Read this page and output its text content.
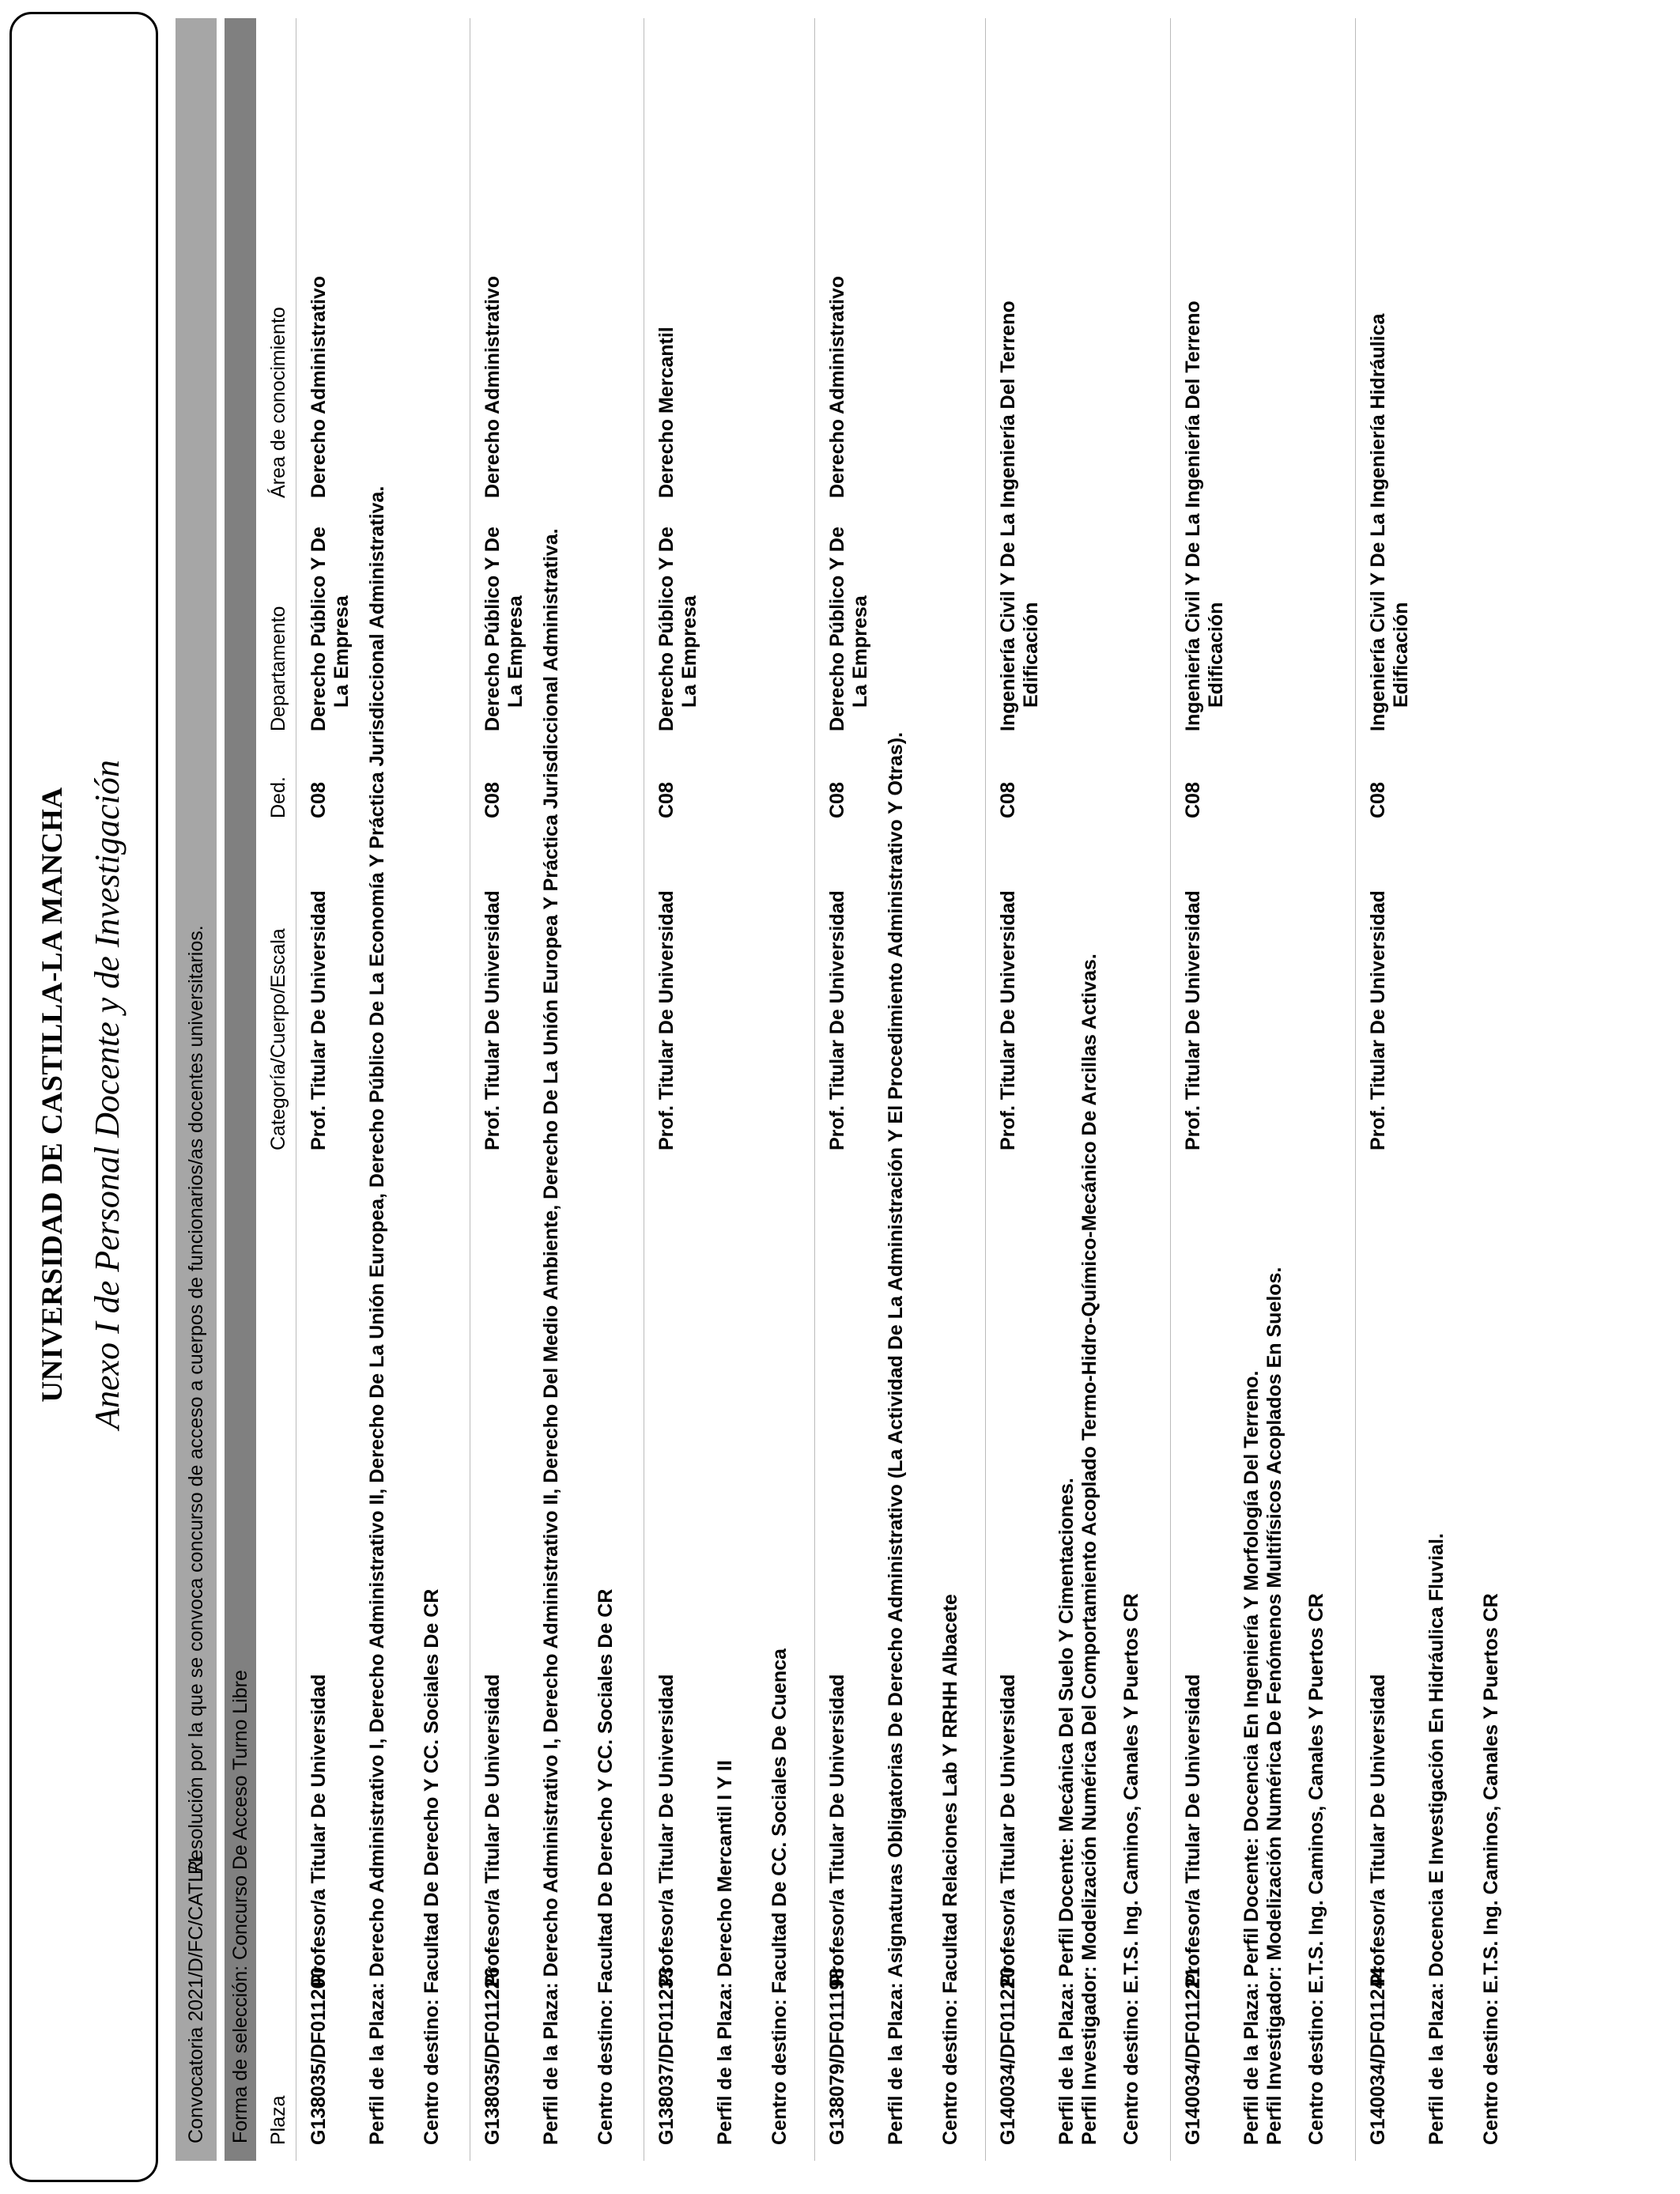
UNIVERSIDAD DE CASTILLA-LA MANCHA Anexo I de Personal Docente y de Investigación
Convocatoria 2021/D/FC/CATL/1
Resolución por la que se convoca concurso de acceso a cuerpos de funcionarios/as docentes universitarios.
Forma de selección: Concurso De Acceso Turno Libre Plaza
Categoría/Cuerpo/Escala
Ded.
Departamento
Área de conocimiento
G138035/DF011200
Profesor/a Titular De Universidad
Prof. Titular De Universidad
C08
Derecho Público Y De La Empresa
Derecho Administrativo
Perfil de la Plaza: Derecho Administrativo I, Derecho Administrativo II, Derecho De La Unión Europea, Derecho Público De La Economía Y Práctica Jurisdiccional Administrativa. Centro destino: Facultad De Derecho Y CC. Sociales De CR G138035/DF011226
Profesor/a Titular De Universidad
Prof. Titular De Universidad
C08
Derecho Público Y De La Empresa
Derecho Administrativo
Perfil de la Plaza: Derecho Administrativo I, Derecho Administrativo II, Derecho Del Medio Ambiente, Derecho De La Unión Europea Y Práctica Jurisdiccional Administrativa. Centro destino: Facultad De Derecho Y CC. Sociales De CR G138037/DF011233
Profesor/a Titular De Universidad
Prof. Titular De Universidad
C08
Derecho Público Y De La Empresa
Derecho Mercantil
Perfil de la Plaza: Derecho Mercantil I Y II Centro destino: Facultad De CC. Sociales De Cuenca G138079/DF011198
Profesor/a Titular De Universidad
Prof. Titular De Universidad
C08
Derecho Público Y De La Empresa
Derecho Administrativo
Perfil de la Plaza: Asignaturas Obligatorias De Derecho Administrativo (La Actividad De La Administración Y El Procedimiento Administrativo Y Otras). Centro destino: Facultad Relaciones Lab Y RRHH Albacete G140034/DF011220
Profesor/a Titular De Universidad
Prof. Titular De Universidad
C08
Ingeniería Civil Y De La Ingeniería Del Terreno Edificación
Perfil de la Plaza: Perfil Docente: Mecánica Del Suelo Y Cimentaciones. Perfil Investigador: Modelización Numérica Del Comportamiento Acoplado Termo-Hidro-Químico-Mecánico De Arcillas Activas. Centro destino: E.T.S. Ing. Caminos, Canales Y Puertos CR G140034/DF011221
Profesor/a Titular De Universidad
Prof. Titular De Universidad
C08
Ingeniería Civil Y De La Ingeniería Del Terreno Edificación
Perfil de la Plaza: Perfil Docente: Docencia En Ingeniería Y Morfología Del Terreno. Perfil Investigador: Modelización Numérica De Fenómenos Multifísicos Acoplados En Suelos. Centro destino: E.T.S. Ing. Caminos, Canales Y Puertos CR G140034/DF011244
Profesor/a Titular De Universidad
Prof. Titular De Universidad
C08
Ingeniería Civil Y De La Ingeniería Hidráulica Edificación
Perfil de la Plaza: Docencia E Investigación En Hidráulica Fluvial. Centro destino: E.T.S. Ing. Caminos, Canales Y Puertos CR
